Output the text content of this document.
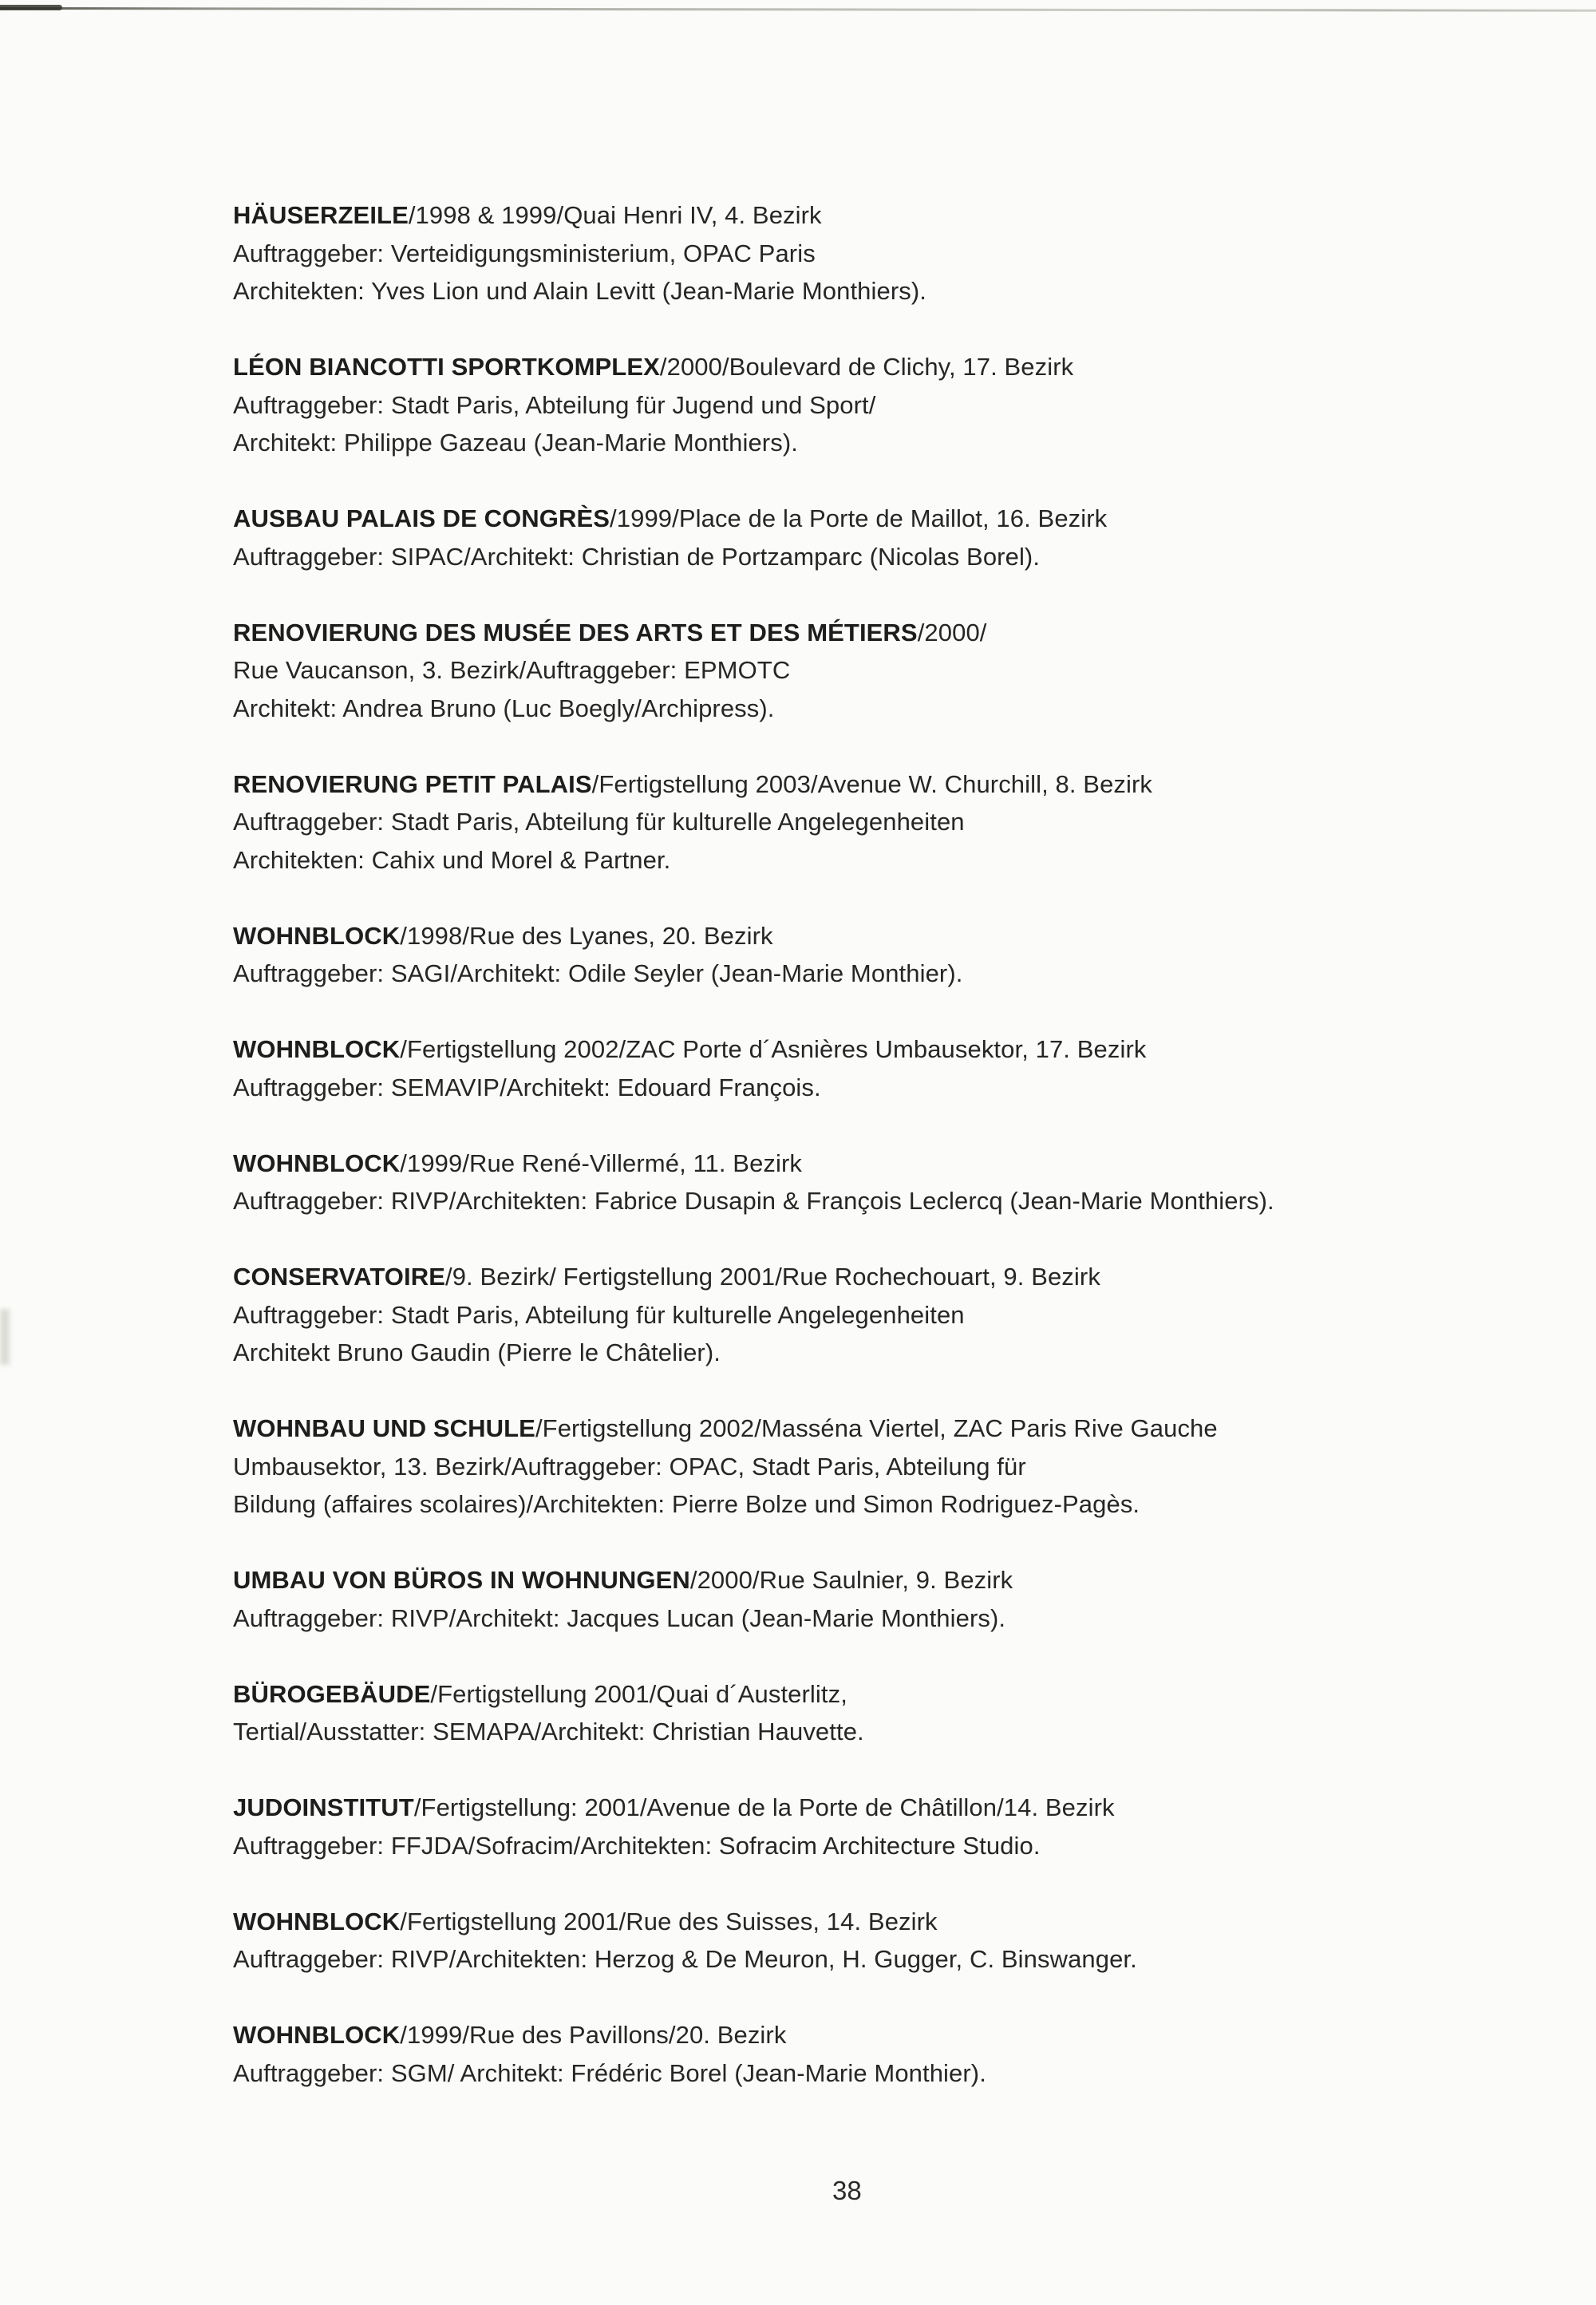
HÄUSERZEILE/1998 & 1999/Quai Henri IV, 4. Bezirk
Auftraggeber: Verteidigungsministerium, OPAC Paris
Architekten: Yves Lion und Alain Levitt (Jean-Marie Monthiers).
LÉON BIANCOTTI SPORTKOMPLEX/2000/Boulevard de Clichy, 17. Bezirk
Auftraggeber: Stadt Paris, Abteilung für Jugend und Sport/
Architekt: Philippe Gazeau (Jean-Marie Monthiers).
AUSBAU PALAIS DE CONGRÈS/1999/Place de la Porte de Maillot, 16. Bezirk
Auftraggeber: SIPAC/Architekt: Christian de Portzamparc (Nicolas Borel).
RENOVIERUNG DES MUSÉE DES ARTS ET DES MÉTIERS/2000/
Rue Vaucanson, 3. Bezirk/Auftraggeber: EPMOTC
Architekt: Andrea Bruno (Luc Boegly/Archipress).
RENOVIERUNG PETIT PALAIS/Fertigstellung 2003/Avenue W. Churchill, 8. Bezirk
Auftraggeber: Stadt Paris, Abteilung für kulturelle Angelegenheiten
Architekten: Cahix und Morel & Partner.
WOHNBLOCK/1998/Rue des Lyanes, 20. Bezirk
Auftraggeber: SAGI/Architekt: Odile Seyler (Jean-Marie Monthier).
WOHNBLOCK/Fertigstellung 2002/ZAC Porte d´Asnières Umbausektor, 17. Bezirk
Auftraggeber: SEMAVIP/Architekt: Edouard François.
WOHNBLOCK/1999/Rue René-Villermé, 11. Bezirk
Auftraggeber: RIVP/Architekten: Fabrice Dusapin & François Leclercq (Jean-Marie Monthiers).
CONSERVATOIRE/9. Bezirk/ Fertigstellung 2001/Rue Rochechouart, 9. Bezirk
Auftraggeber: Stadt Paris, Abteilung für kulturelle Angelegenheiten
Architekt Bruno Gaudin (Pierre le Châtelier).
WOHNBAU UND SCHULE/Fertigstellung 2002/Masséna Viertel, ZAC Paris Rive Gauche
Umbausektor, 13. Bezirk/Auftraggeber: OPAC, Stadt Paris, Abteilung für
Bildung (affaires scolaires)/Architekten: Pierre Bolze und Simon Rodriguez-Pagès.
UMBAU VON BÜROS IN WOHNUNGEN/2000/Rue Saulnier, 9. Bezirk
Auftraggeber: RIVP/Architekt: Jacques Lucan (Jean-Marie Monthiers).
BÜROGEBÄUDE/Fertigstellung 2001/Quai d´Austerlitz,
Tertial/Ausstatter: SEMAPA/Architekt: Christian Hauvette.
JUDOINSTITUT/Fertigstellung: 2001/Avenue de la Porte de Châtillon/14. Bezirk
Auftraggeber: FFJDA/Sofracim/Architekten: Sofracim Architecture Studio.
WOHNBLOCK/Fertigstellung 2001/Rue des Suisses, 14. Bezirk
Auftraggeber: RIVP/Architekten: Herzog & De Meuron, H. Gugger, C. Binswanger.
WOHNBLOCK/1999/Rue des Pavillons/20. Bezirk
Auftraggeber: SGM/ Architekt: Frédéric Borel (Jean-Marie Monthier).
38
